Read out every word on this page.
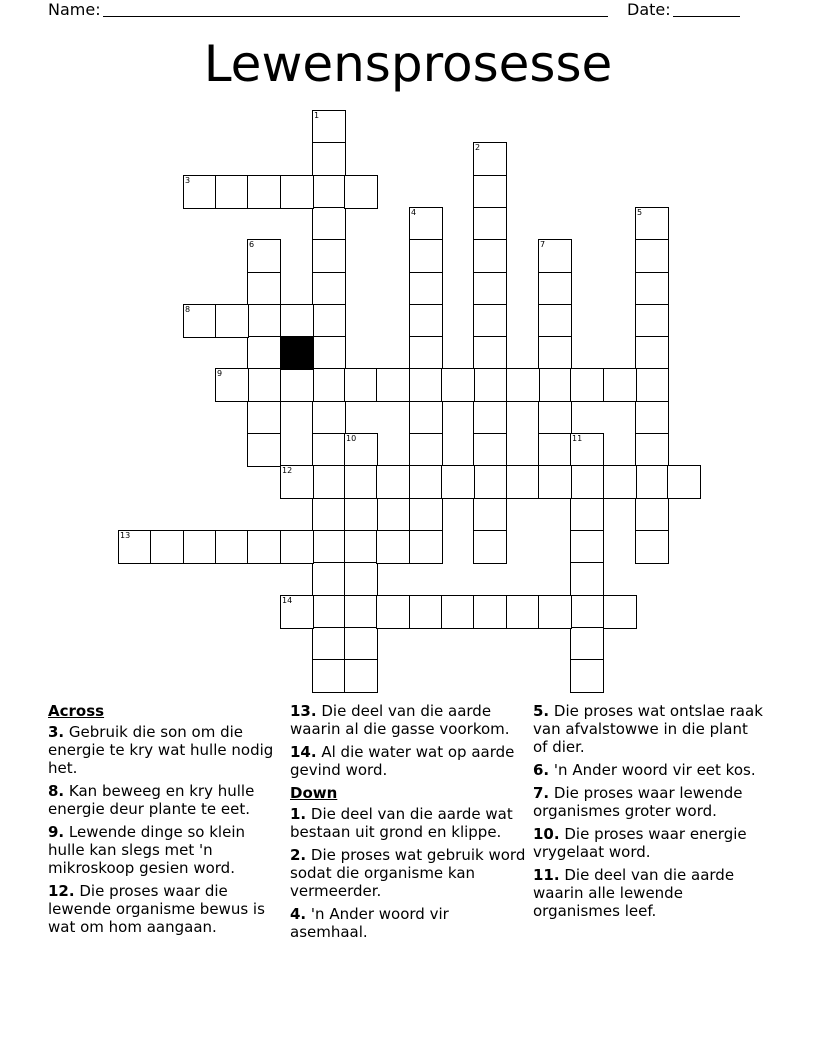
Name:	Date:
Lewensprosesse
1
2
3
4	5
6	7
8
9
10	11
12
13
14
Across
3. Gebruik die son om die energie te kry wat hulle nodig het.
8. Kan beweeg en kry hulle energie deur plante te eet.
9. Lewende dinge so klein hulle kan slegs met 'n mikroskoop gesien word.
12. Die proses waar die lewende organisme bewus is wat om hom aangaan.
13. Die deel van die aarde waarin al die gasse voorkom.
14. Al die water wat op aarde gevind word.
Down
1. Die deel van die aarde wat bestaan uit grond en klippe.
2. Die proses wat gebruik word sodat die organisme kan vermeerder.
4. 'n Ander woord vir asemhaal.
5. Die proses wat ontslae raak van afvalstowwe in die plant of dier.
6. 'n Ander woord vir eet kos.
7. Die proses waar lewende organismes groter word.
10. Die proses waar energie vrygelaat word.
11. Die deel van die aarde waarin alle lewende organismes leef.
